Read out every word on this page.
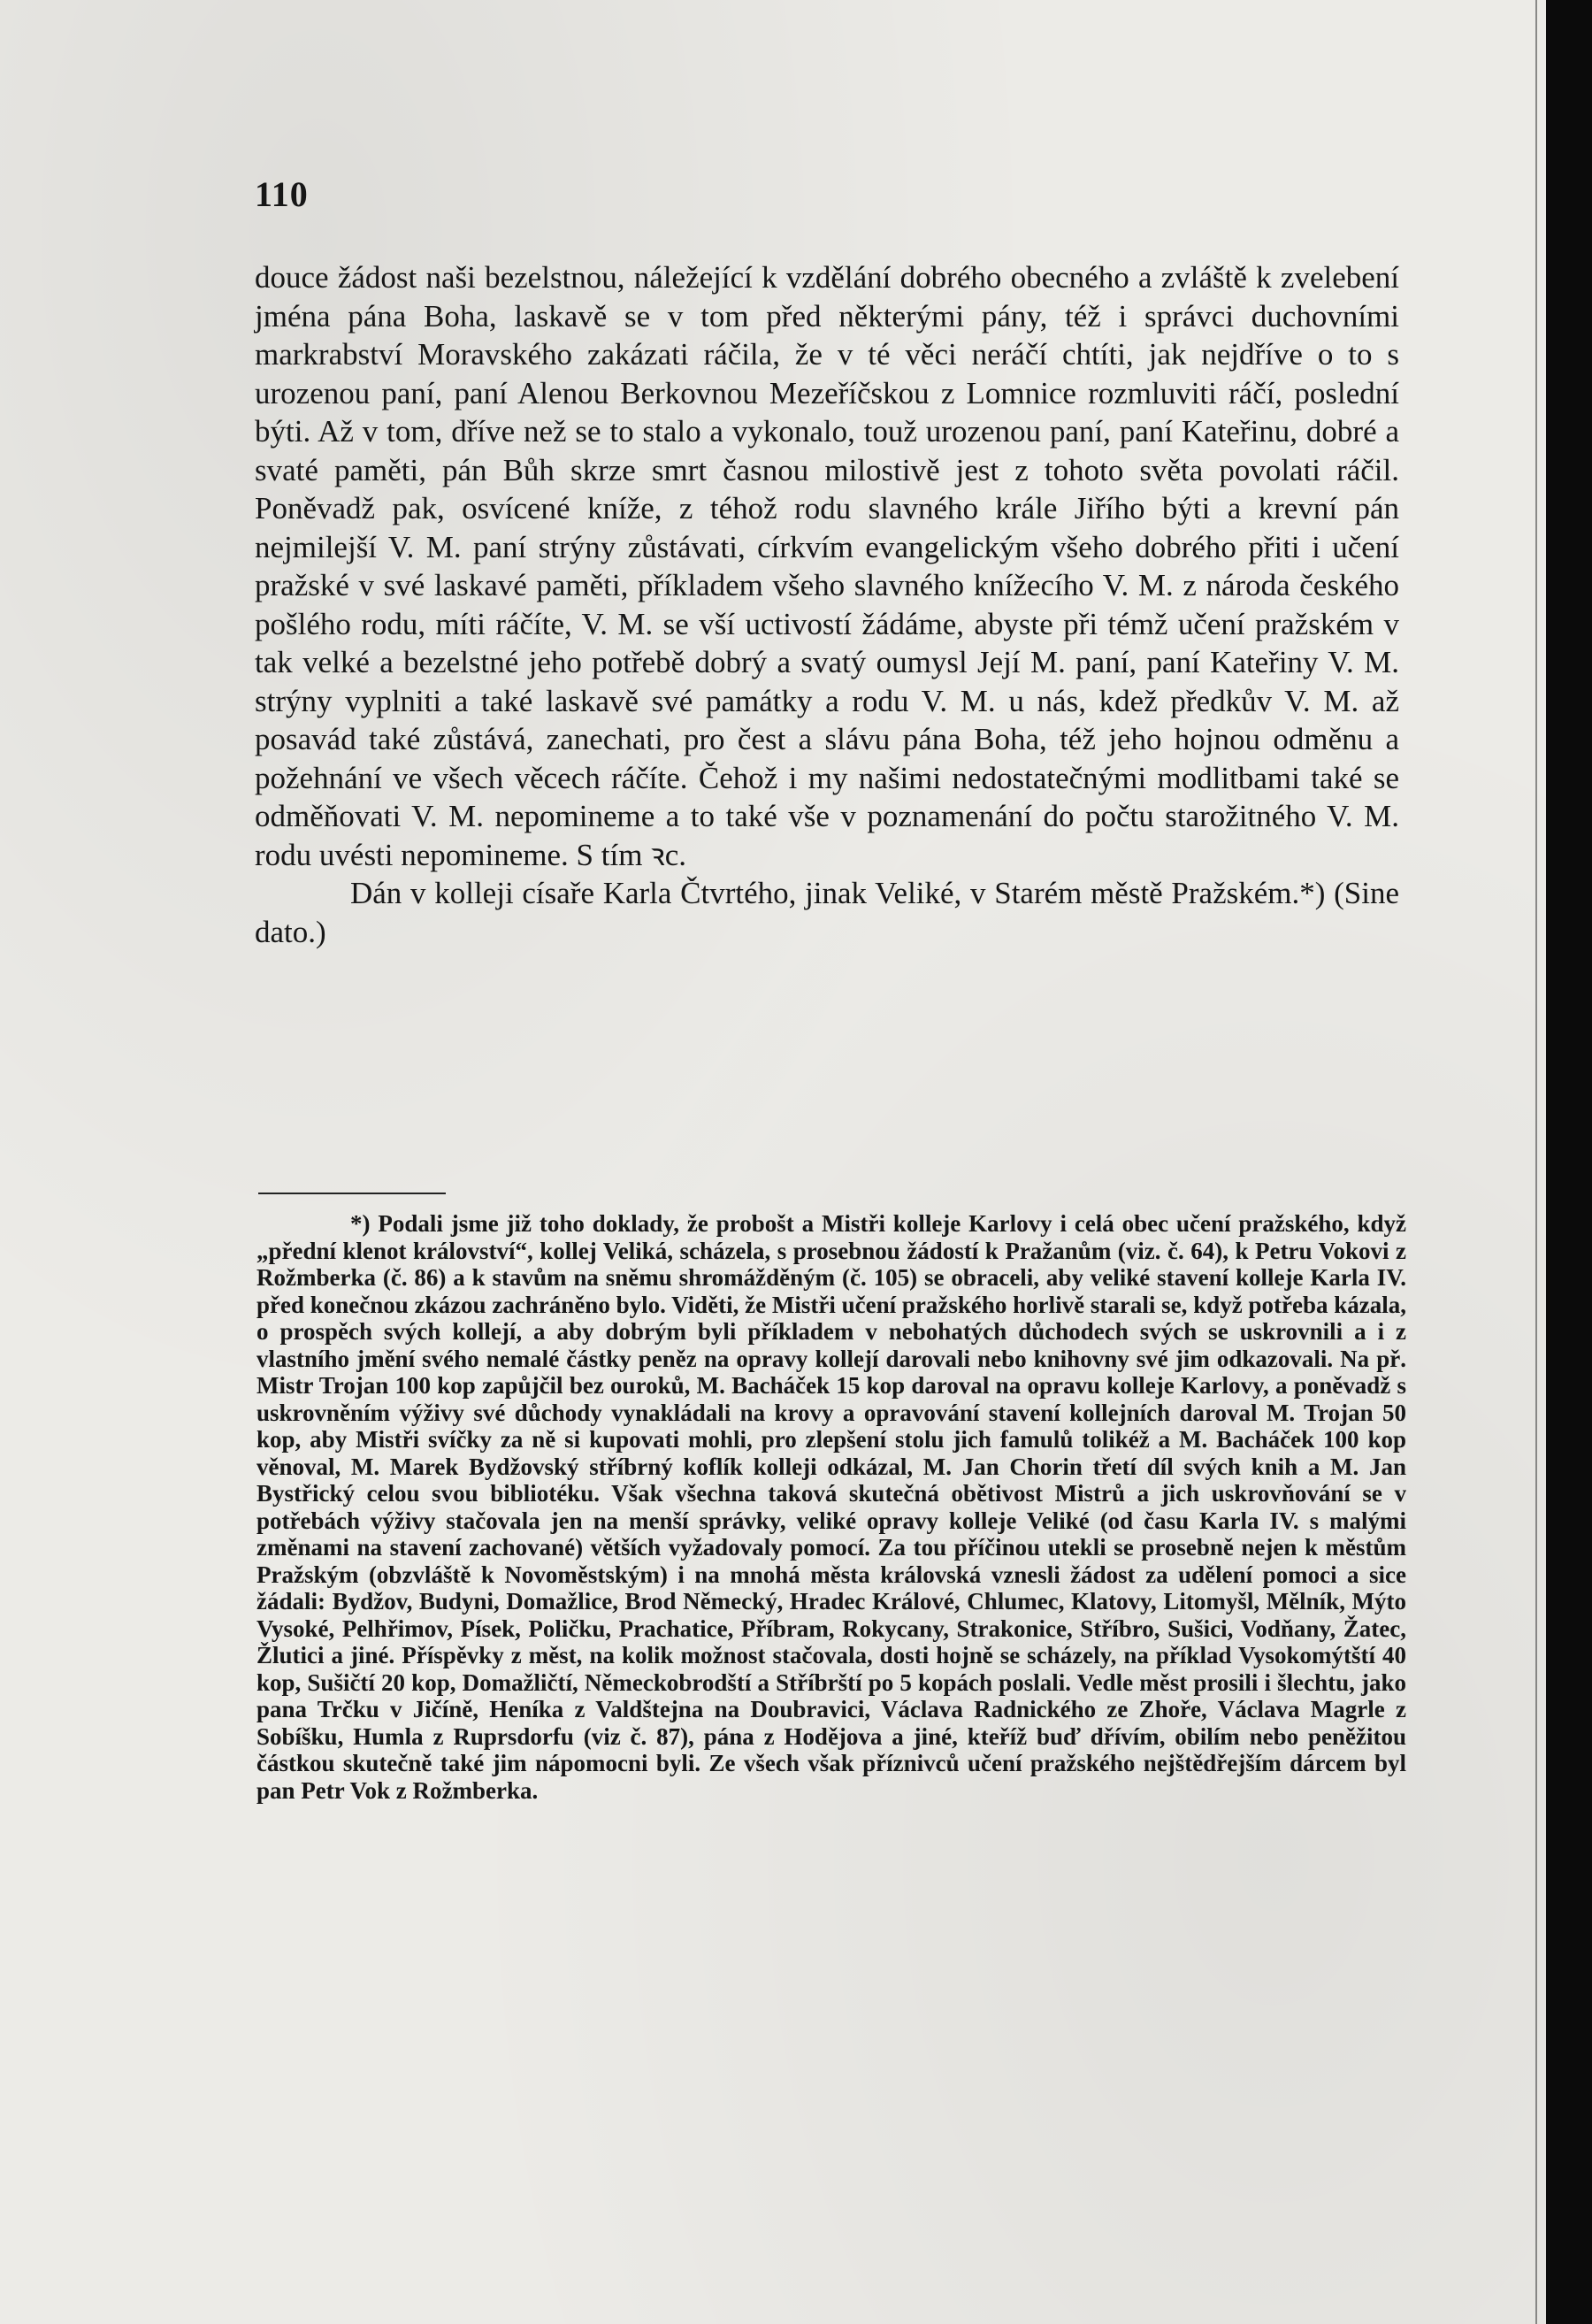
110

douce žádost naši bezelstnou, náležející k vzdělání dobrého obecného a zvláště k zvelebení jména pána Boha, laskavě se v tom před některými pány, též i správci duchovními markrabství Moravského zakázati ráčila, že v té věci neráčí chtíti, jak nejdříve o to s urozenou paní, paní Alenou Berkovnou Mezeříčskou z Lomnice rozmluviti ráčí, poslední býti. Až v tom, dříve než se to stalo a vykonalo, touž urozenou paní, paní Kateřinu, dobré a svaté paměti, pán Bůh skrze smrt časnou milostivě jest z tohoto světa povolati ráčil. Poněvadž pak, osvícené kníže, z téhož rodu slavného krále Jiřího býti a krevní pán nejmilejší V. M. paní strýny zůstávati, církvím evangelickým všeho dobrého přiti i učení pražské v své laskavé paměti, příkladem všeho slavného knížecího V. M. z národa českého pošlého rodu, míti ráčíte, V. M. se vší uctivostí žádáme, abyste při témž učení pražském v tak velké a bezelstné jeho potřebě dobrý a svatý oumysl Její M. paní, paní Kateřiny V. M. strýny vyplniti a také laskavě své památky a rodu V. M. u nás, kdež předkův V. M. až posavád také zůstává, zanechati, pro čest a slávu pána Boha, též jeho hojnou odměnu a požehnání ve všech věcech ráčíte. Čehož i my našimi nedostatečnými modlitbami také se odměňovati V. M. nepomineme a to také vše v poznamenání do počtu starožitného V. M. rodu uvésti nepomineme. S tím ꝛc.

Dán v kolleji císaře Karla Čtvrtého, jinak Veliké, v Starém městě Pražském.*) (Sine dato.)

*) Podali jsme již toho doklady, že probošt a Mistři kolleje Karlovy i celá obec učení pražského, když „přední klenot království“, kollej Veliká, scházela, s prosebnou žádostí k Pražanům (viz. č. 64), k Petru Vokovi z Rožmberka (č. 86) a k stavům na sněmu shromážděným (č. 105) se obraceli, aby veliké stavení kolleje Karla IV. před konečnou zkázou zachráněno bylo. Viděti, že Mistři učení pražského horlivě starali se, když potřeba kázala, o prospěch svých kollejí, a aby dobrým byli příkladem v nebohatých důchodech svých se uskrovnili a i z vlastního jmění svého nemalé částky peněz na opravy kollejí darovali nebo knihovny své jim odkazovali. Na př. Mistr Trojan 100 kop zapůjčil bez ouroků, M. Bacháček 15 kop daroval na opravu kolleje Karlovy, a poněvadž s uskrovněním výživy své důchody vynakládali na krovy a opravování stavení kollejních daroval M. Trojan 50 kop, aby Mistři svíčky za ně si kupovati mohli, pro zlepšení stolu jich famulů tolikéž a M. Bacháček 100 kop věnoval, M. Marek Bydžovský stříbrný koflík kolleji odkázal, M. Jan Chorin třetí díl svých knih a M. Jan Bystřický celou svou bibliotéku. Však všechna taková skutečná obětivost Mistrů a jich uskrovňování se v potřebách výživy stačovala jen na menší správky, veliké opravy kolleje Veliké (od času Karla IV. s malými změnami na stavení zachované) větších vyžadovaly pomocí. Za tou příčinou utekli se prosebně nejen k městům Pražským (obzvláště k Novoměstským) i na mnohá města královská vznesli žádost za udělení pomoci a sice žádali: Bydžov, Budyni, Domažlice, Brod Německý, Hradec Králové, Chlumec, Klatovy, Litomyšl, Mělník, Mýto Vysoké, Pelhřimov, Písek, Poličku, Prachatice, Příbram, Rokycany, Strakonice, Stříbro, Sušici, Vodňany, Žatec, Žlutici a jiné. Příspěvky z měst, na kolik možnost stačovala, dosti hojně se scházely, na příklad Vysokomýtští 40 kop, Sušičtí 20 kop, Domažličtí, Německobrodští a Stříbrští po 5 kopách poslali. Vedle měst prosili i šlechtu, jako pana Trčku v Jičíně, Heníka z Valdštejna na Doubravici, Václava Radnického ze Zhoře, Václava Magrle z Sobíšku, Humla z Ruprsdorfu (viz č. 87), pána z Hodějova a jiné, kteříž buď dřívím, obilím nebo peněžitou částkou skutečně také jim nápomocni byli. Ze všech však příznivců učení pražského nejštědřejším dárcem byl pan Petr Vok z Rožmberka.
